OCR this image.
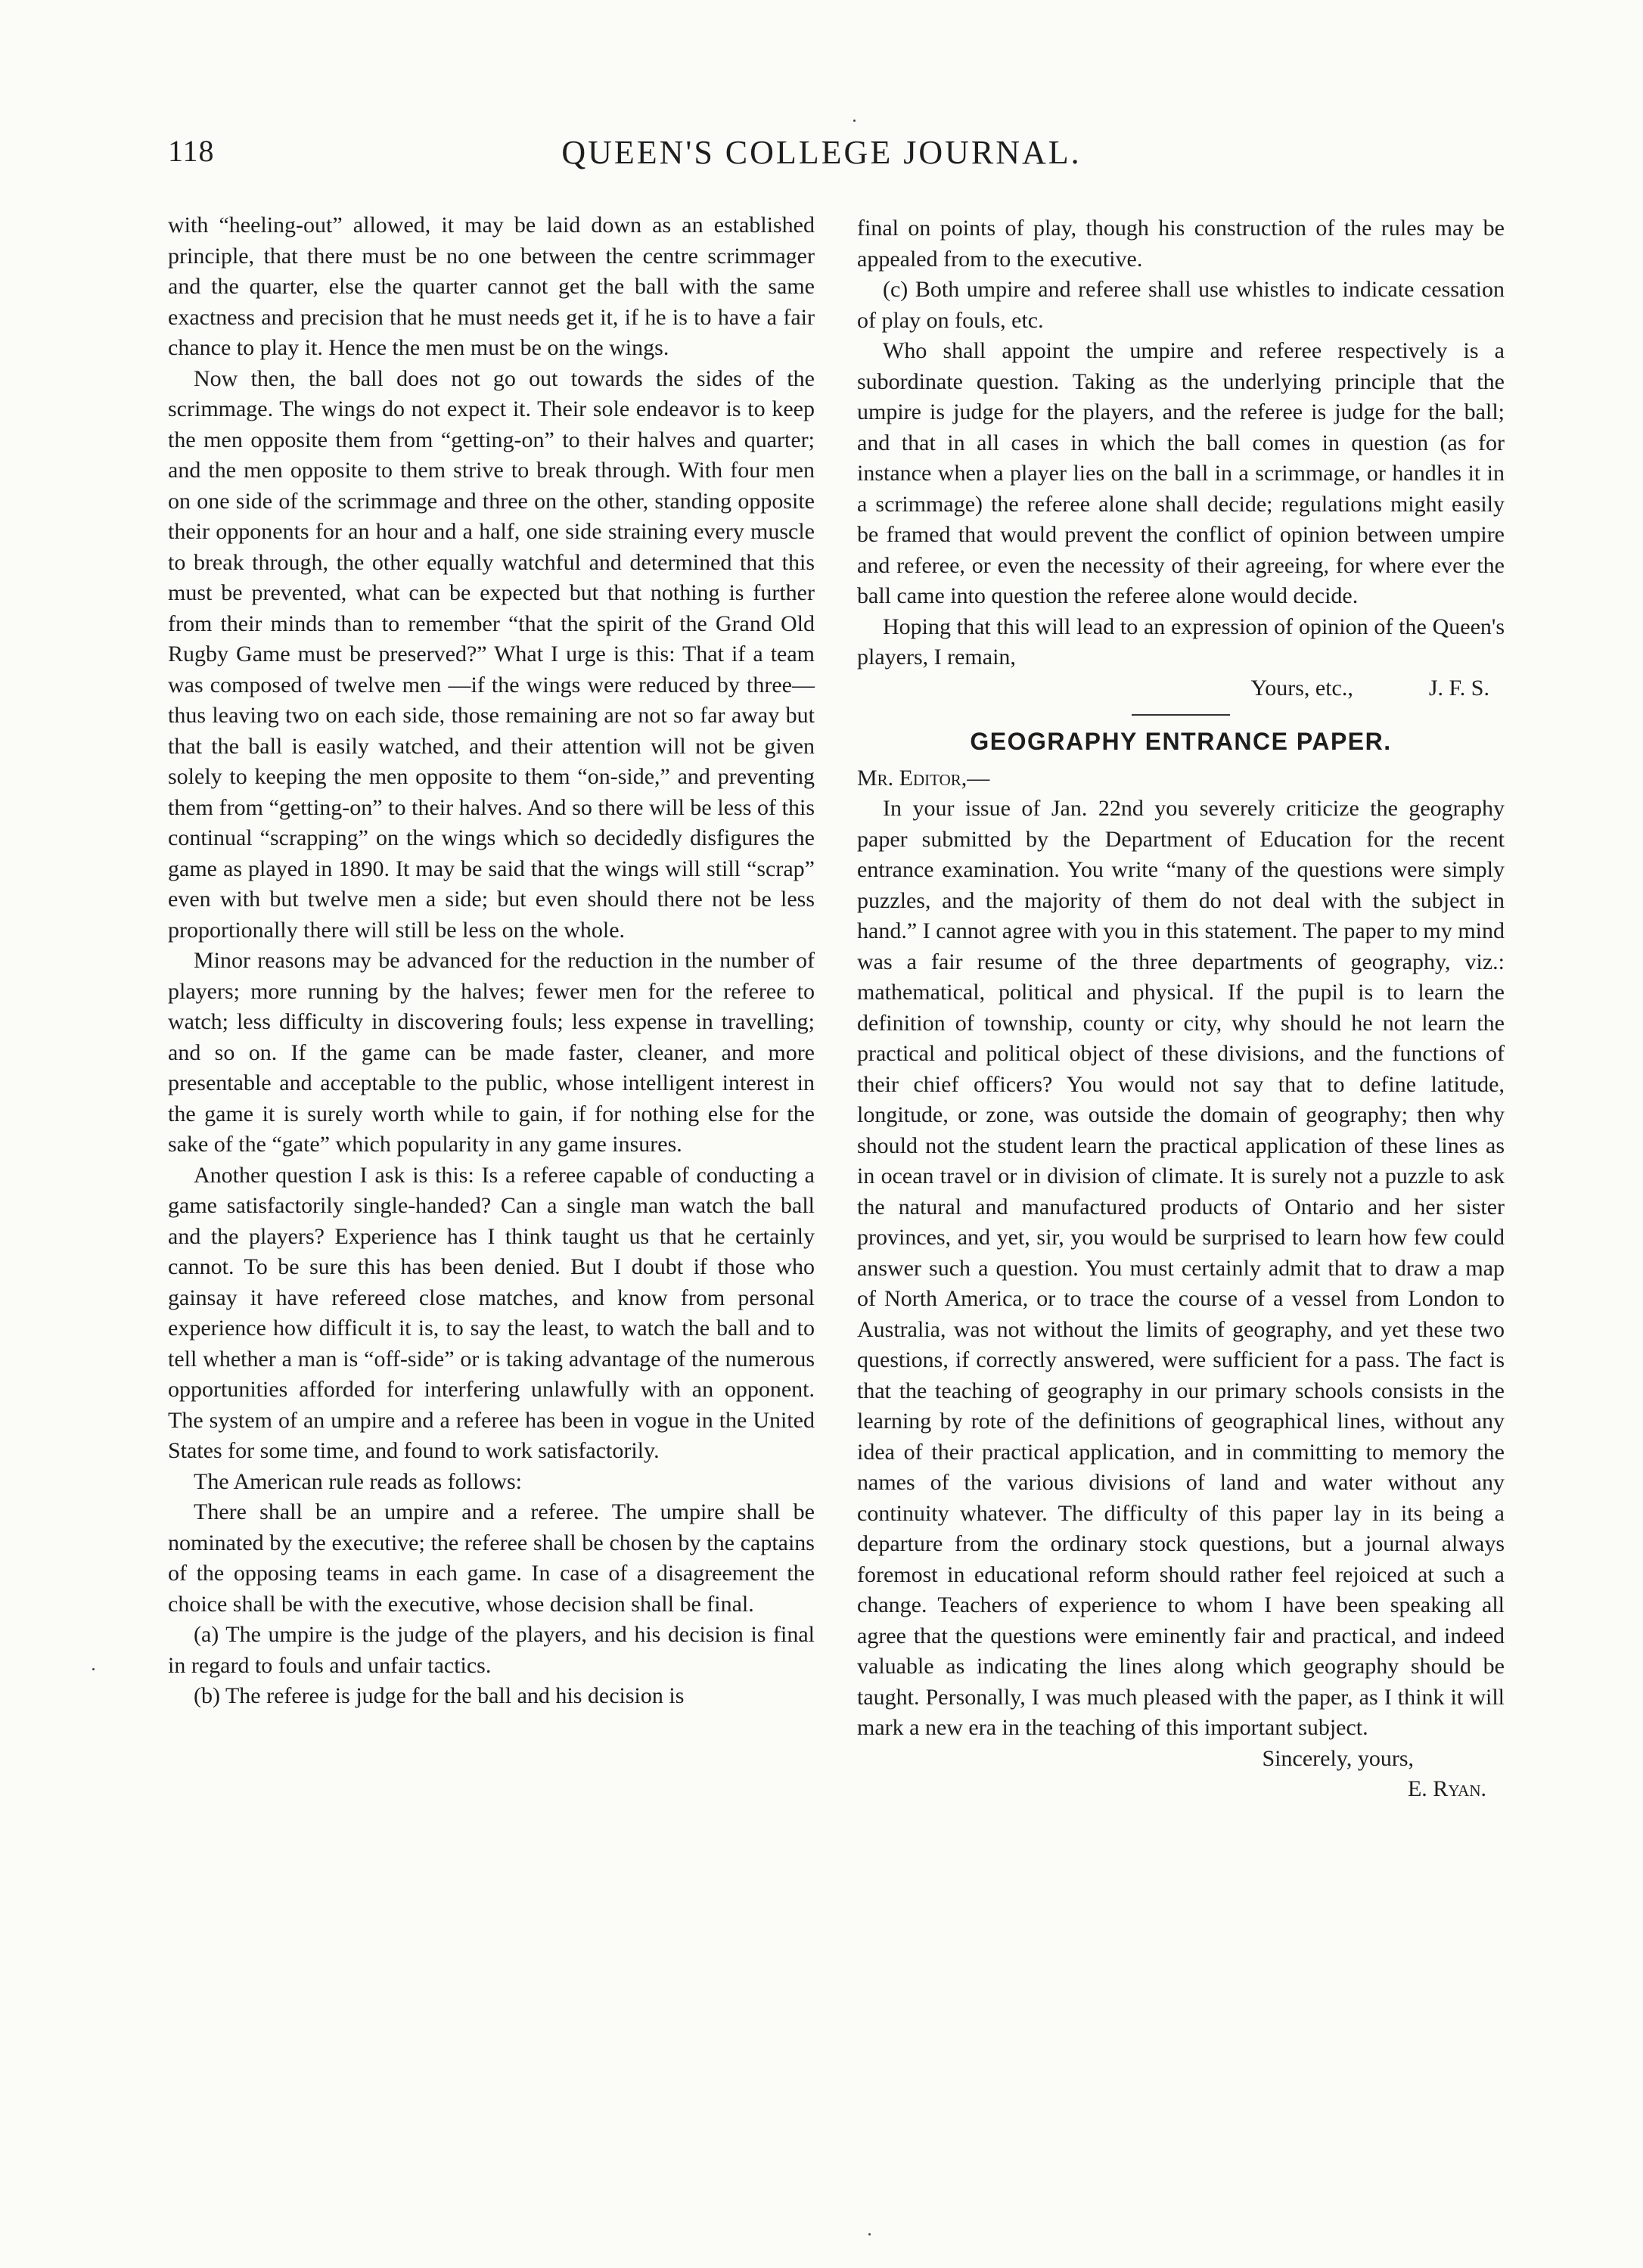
118	QUEEN'S COLLEGE JOURNAL.

with “heeling-out” allowed, it may be laid down as an established principle, that there must be no one between the centre scrimmager and the quarter, else the quarter cannot get the ball with the same exactness and precision that he must needs get it, if he is to have a fair chance to play it. Hence the men must be on the wings.

Now then, the ball does not go out towards the sides of the scrimmage. The wings do not expect it. Their sole endeavor is to keep the men opposite them from “getting-on” to their halves and quarter; and the men opposite to them strive to break through. With four men on one side of the scrimmage and three on the other, standing opposite their opponents for an hour and a half, one side straining every muscle to break through, the other equally watchful and determined that this must be prevented, what can be expected but that nothing is further from their minds than to remember “that the spirit of the Grand Old Rugby Game must be preserved?” What I urge is this: That if a team was composed of twelve men —if the wings were reduced by three—thus leaving two on each side, those remaining are not so far away but that the ball is easily watched, and their attention will not be given solely to keeping the men opposite to them “on-side,” and preventing them from “getting-on” to their halves. And so there will be less of this continual “scrapping” on the wings which so decidedly disfigures the game as played in 1890. It may be said that the wings will still “scrap” even with but twelve men a side; but even should there not be less proportionally there will still be less on the whole.

Minor reasons may be advanced for the reduction in the number of players; more running by the halves; fewer men for the referee to watch; less difficulty in discovering fouls; less expense in travelling; and so on. If the game can be made faster, cleaner, and more presentable and acceptable to the public, whose intelligent interest in the game it is surely worth while to gain, if for nothing else for the sake of the “gate” which popularity in any game insures.

Another question I ask is this: Is a referee capable of conducting a game satisfactorily single-handed? Can a single man watch the ball and the players? Experience has I think taught us that he certainly cannot. To be sure this has been denied. But I doubt if those who gainsay it have refereed close matches, and know from personal experience how difficult it is, to say the least, to watch the ball and to tell whether a man is “off-side” or is taking advantage of the numerous opportunities afforded for interfering unlawfully with an opponent. The system of an umpire and a referee has been in vogue in the United States for some time, and found to work satisfactorily.

The American rule reads as follows:

There shall be an umpire and a referee. The umpire shall be nominated by the executive; the referee shall be chosen by the captains of the opposing teams in each game. In case of a disagreement the choice shall be with the executive, whose decision shall be final.

(a) The umpire is the judge of the players, and his decision is final in regard to fouls and unfair tactics.

(b) The referee is judge for the ball and his decision is

final on points of play, though his construction of the rules may be appealed from to the executive.

(c) Both umpire and referee shall use whistles to indicate cessation of play on fouls, etc.

Who shall appoint the umpire and referee respectively is a subordinate question. Taking as the underlying principle that the umpire is judge for the players, and the referee is judge for the ball; and that in all cases in which the ball comes in question (as for instance when a player lies on the ball in a scrimmage, or handles it in a scrimmage) the referee alone shall decide; regulations might easily be framed that would prevent the conflict of opinion between umpire and referee, or even the necessity of their agreeing, for where ever the ball came into question the referee alone would decide.

Hoping that this will lead to an expression of opinion of the Queen's players, I remain,

Yours, etc.,	J. F. S.

GEOGRAPHY ENTRANCE PAPER.

Mr. Editor,—

In your issue of Jan. 22nd you severely criticize the geography paper submitted by the Department of Education for the recent entrance examination. You write “many of the questions were simply puzzles, and the majority of them do not deal with the subject in hand.” I cannot agree with you in this statement. The paper to my mind was a fair resume of the three departments of geography, viz.: mathematical, political and physical. If the pupil is to learn the definition of township, county or city, why should he not learn the practical and political object of these divisions, and the functions of their chief officers? You would not say that to define latitude, longitude, or zone, was outside the domain of geography; then why should not the student learn the practical application of these lines as in ocean travel or in division of climate. It is surely not a puzzle to ask the natural and manufactured products of Ontario and her sister provinces, and yet, sir, you would be surprised to learn how few could answer such a question. You must certainly admit that to draw a map of North America, or to trace the course of a vessel from London to Australia, was not without the limits of geography, and yet these two questions, if correctly answered, were sufficient for a pass. The fact is that the teaching of geography in our primary schools consists in the learning by rote of the definitions of geographical lines, without any idea of their practical application, and in committing to memory the names of the various divisions of land and water without any continuity whatever. The difficulty of this paper lay in its being a departure from the ordinary stock questions, but a journal always foremost in educational reform should rather feel rejoiced at such a change. Teachers of experience to whom I have been speaking all agree that the questions were eminently fair and practical, and indeed valuable as indicating the lines along which geography should be taught. Personally, I was much pleased with the paper, as I think it will mark a new era in the teaching of this important subject.

Sincerely, yours,

E. Ryan.
